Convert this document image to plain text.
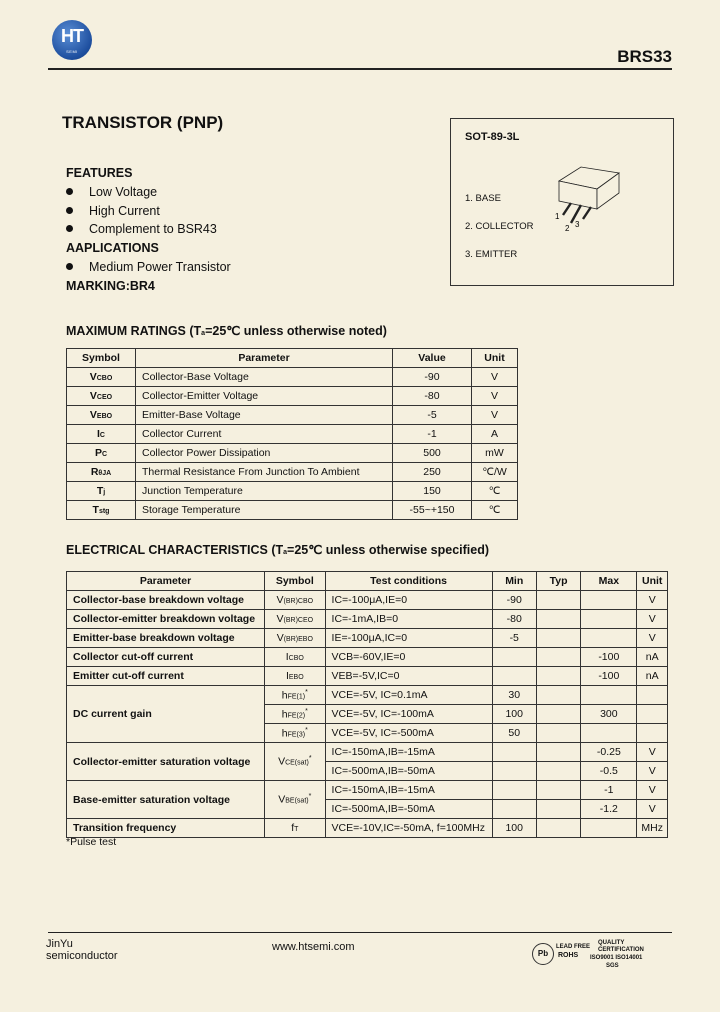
HT
SEMI	BRS33
TRANSISTOR (PNP)
FEATURES
Low Voltage
High Current
Complement to BSR43
AAPLICATIONS
Medium Power Transistor
MARKING:BR4
SOT-89-3L
1. BASE
2. COLLECTOR
3. EMITTER
1
2 3
MAXIMUM RATINGS (Ta=25℃ unless otherwise noted)
Symbol	Parameter	Value	Unit
VCBO	Collector-Base Voltage	-90	V
VCEO	Collector-Emitter Voltage	-80	V
VEBO	Emitter-Base Voltage	-5	V
IC	Collector Current	-1	A
PC	Collector Power Dissipation	500	mW
RθJA	Thermal Resistance From Junction To Ambient	250	℃/W
Tj	Junction Temperature	150	℃
Tstg	Storage Temperature	-55~+150	℃
ELECTRICAL CHARACTERISTICS (Ta=25℃ unless otherwise specified)
Parameter	Symbol	Test conditions	Min	Typ	Max	Unit
Collector-base breakdown voltage	V(BR)CBO	IC=-100μA,IE=0	-90			V
Collector-emitter breakdown voltage	V(BR)CEO	IC=-1mA,IB=0	-80			V
Emitter-base breakdown voltage	V(BR)EBO	IE=-100μA,IC=0	-5			V
Collector cut-off current	ICBO	VCB=-60V,IE=0			-100	nA
Emitter cut-off current	IEBO	VEB=-5V,IC=0			-100	nA
DC current gain	hFE(1)*	VCE=-5V, IC=0.1mA	30			
	hFE(2)*	VCE=-5V, IC=-100mA	100		300	
	hFE(3)*	VCE=-5V, IC=-500mA	50			
Collector-emitter saturation voltage	VCE(sat)*	IC=-150mA,IB=-15mA			-0.25	V
		IC=-500mA,IB=-50mA			-0.5	V
Base-emitter saturation voltage	VBE(sat)*	IC=-150mA,IB=-15mA			-1	V
		IC=-500mA,IB=-50mA			-1.2	V
Transition frequency	fT	VCE=-10V,IC=-50mA, f=100MHz	100			MHz
*Pulse test
JinYu
semiconductor
www.htsemi.com
Pb
LEAD FREE
ROHS
QUALITY CERTIFICATION
ISO9001 ISO14001
SGS
